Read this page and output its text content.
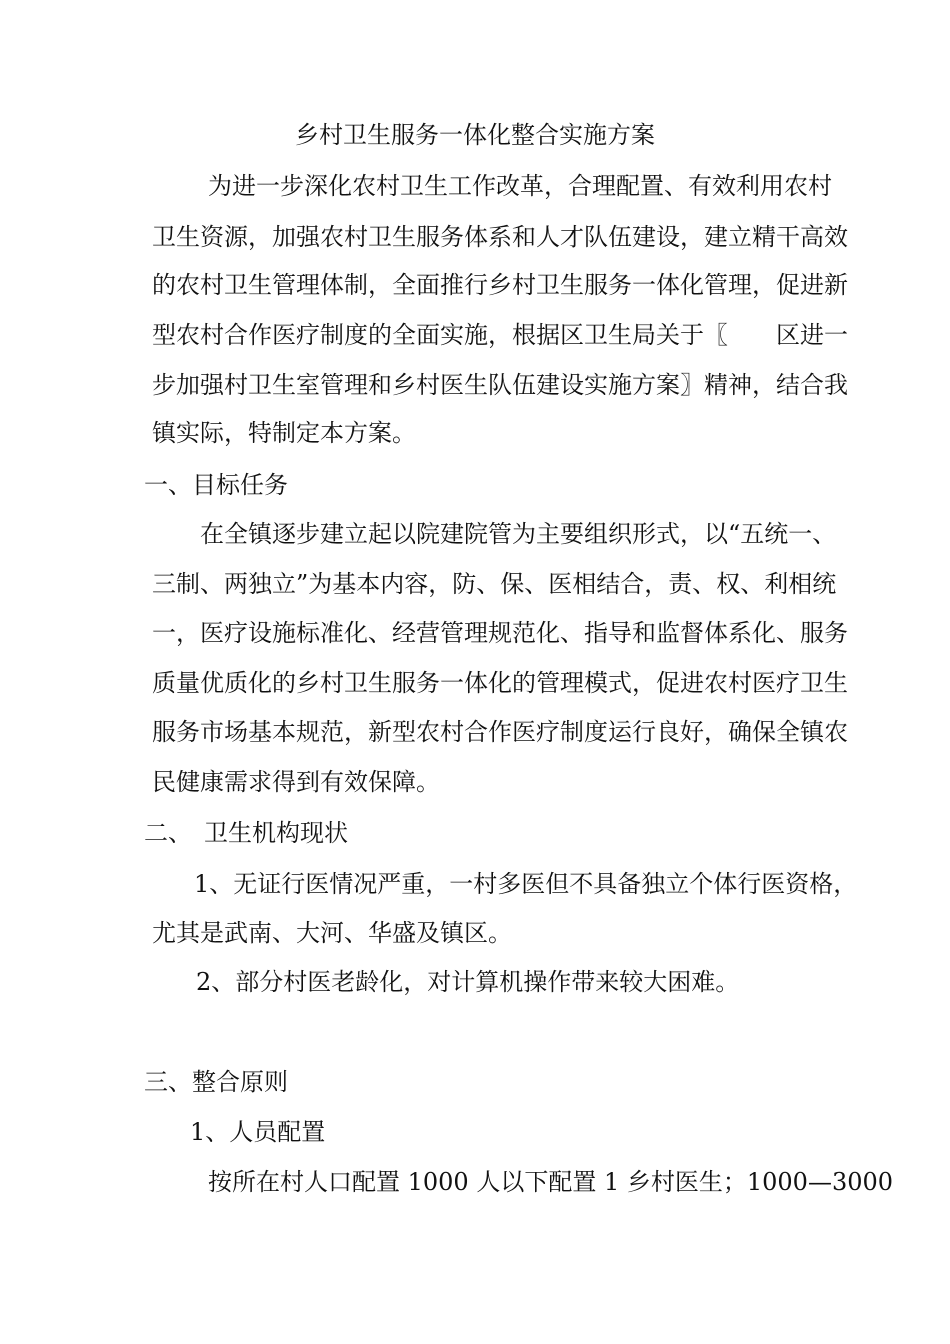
乡村卫生服务一体化整合实施方案
为进一步深化农村卫生工作改革，合理配置、有效利用农村
卫生资源，加强农村卫生服务体系和人才队伍建设，建立精干高效
的农村卫生管理体制，全面推行乡村卫生服务一体化管理，促进新
型农村合作医疗制度的全面实施，根据区卫生局关于〖　　区进一
步加强村卫生室管理和乡村医生队伍建设实施方案〗精神，结合我
镇实际，特制定本方案。
一、目标任务
在全镇逐步建立起以院建院管为主要组织形式，以“五统一、
三制、两独立”为基本内容，防、保、医相结合，责、权、利相统
一，医疗设施标准化、经营管理规范化、指导和监督体系化、服务
质量优质化的乡村卫生服务一体化的管理模式，促进农村医疗卫生
服务市场基本规范，新型农村合作医疗制度运行良好，确保全镇农
民健康需求得到有效保障。
二、　卫生机构现状
1、无证行医情况严重，一村多医但不具备独立个体行医资格，
尤其是武南、大河、华盛及镇区。
2、部分村医老龄化，对计算机操作带来较大困难。
三、整合原则
1、人员配置
按所在村人口配置 1000 人以下配置 1 乡村医生；1000—3000
